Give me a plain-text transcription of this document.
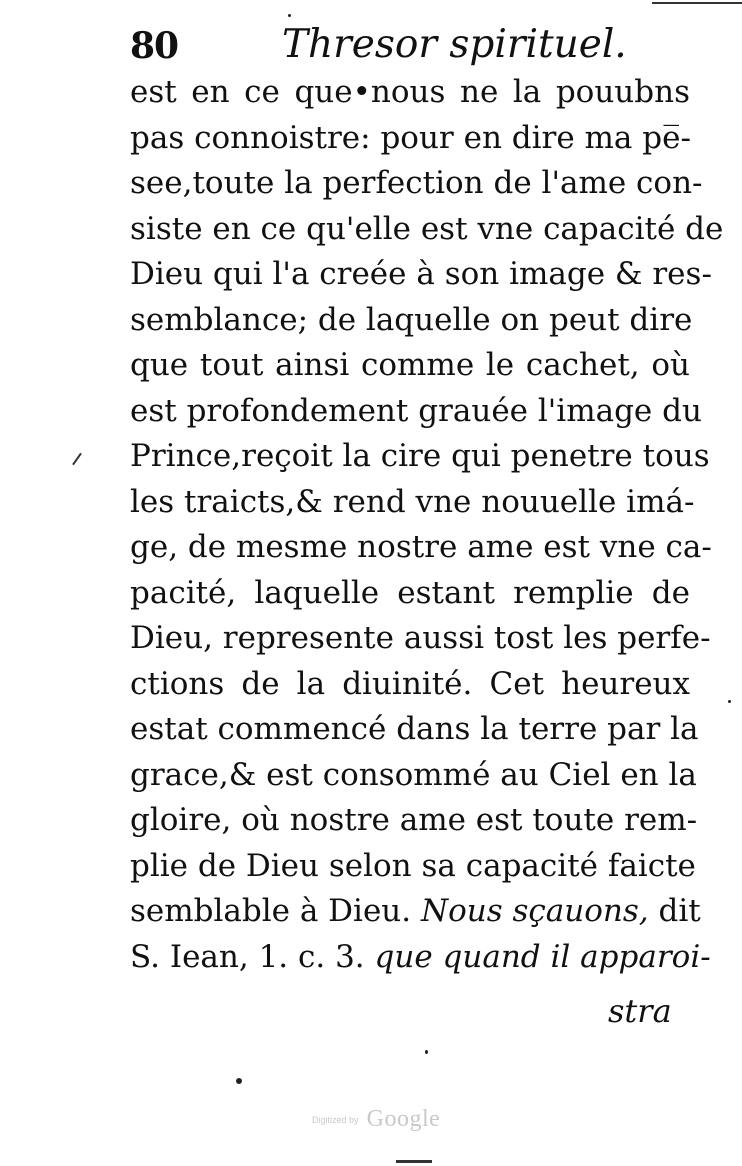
80	Thresor spirituel.
est en ce que•nous ne la pouubns
pas connoistre: pour en dire ma pe̅-
see,toute la perfection de l'ame con-
siste en ce qu'elle est vne capacité de
Dieu qui l'a creée à son image & res-
semblance; de laquelle on peut dire
que tout ainsi comme le cachet, où
est profondement grauée l'image du
Prince,reçoit la cire qui penetre tous
les traicts,& rend vne nouuelle imá-
ge, de mesme nostre ame est vne ca-
pacité, laquelle estant remplie de
Dieu, represente aussi tost les perfe-
ctions de la diuinité. Cet heureux
estat commencé dans la terre par la
grace,& est consommé au Ciel en la
gloire, où nostre ame est toute rem-
plie de Dieu selon sa capacité faicte
semblable à Dieu. Nous sçauons, dit
S. Iean, 1. c. 3. que quand il apparoi-
stra
Digitized by Google
